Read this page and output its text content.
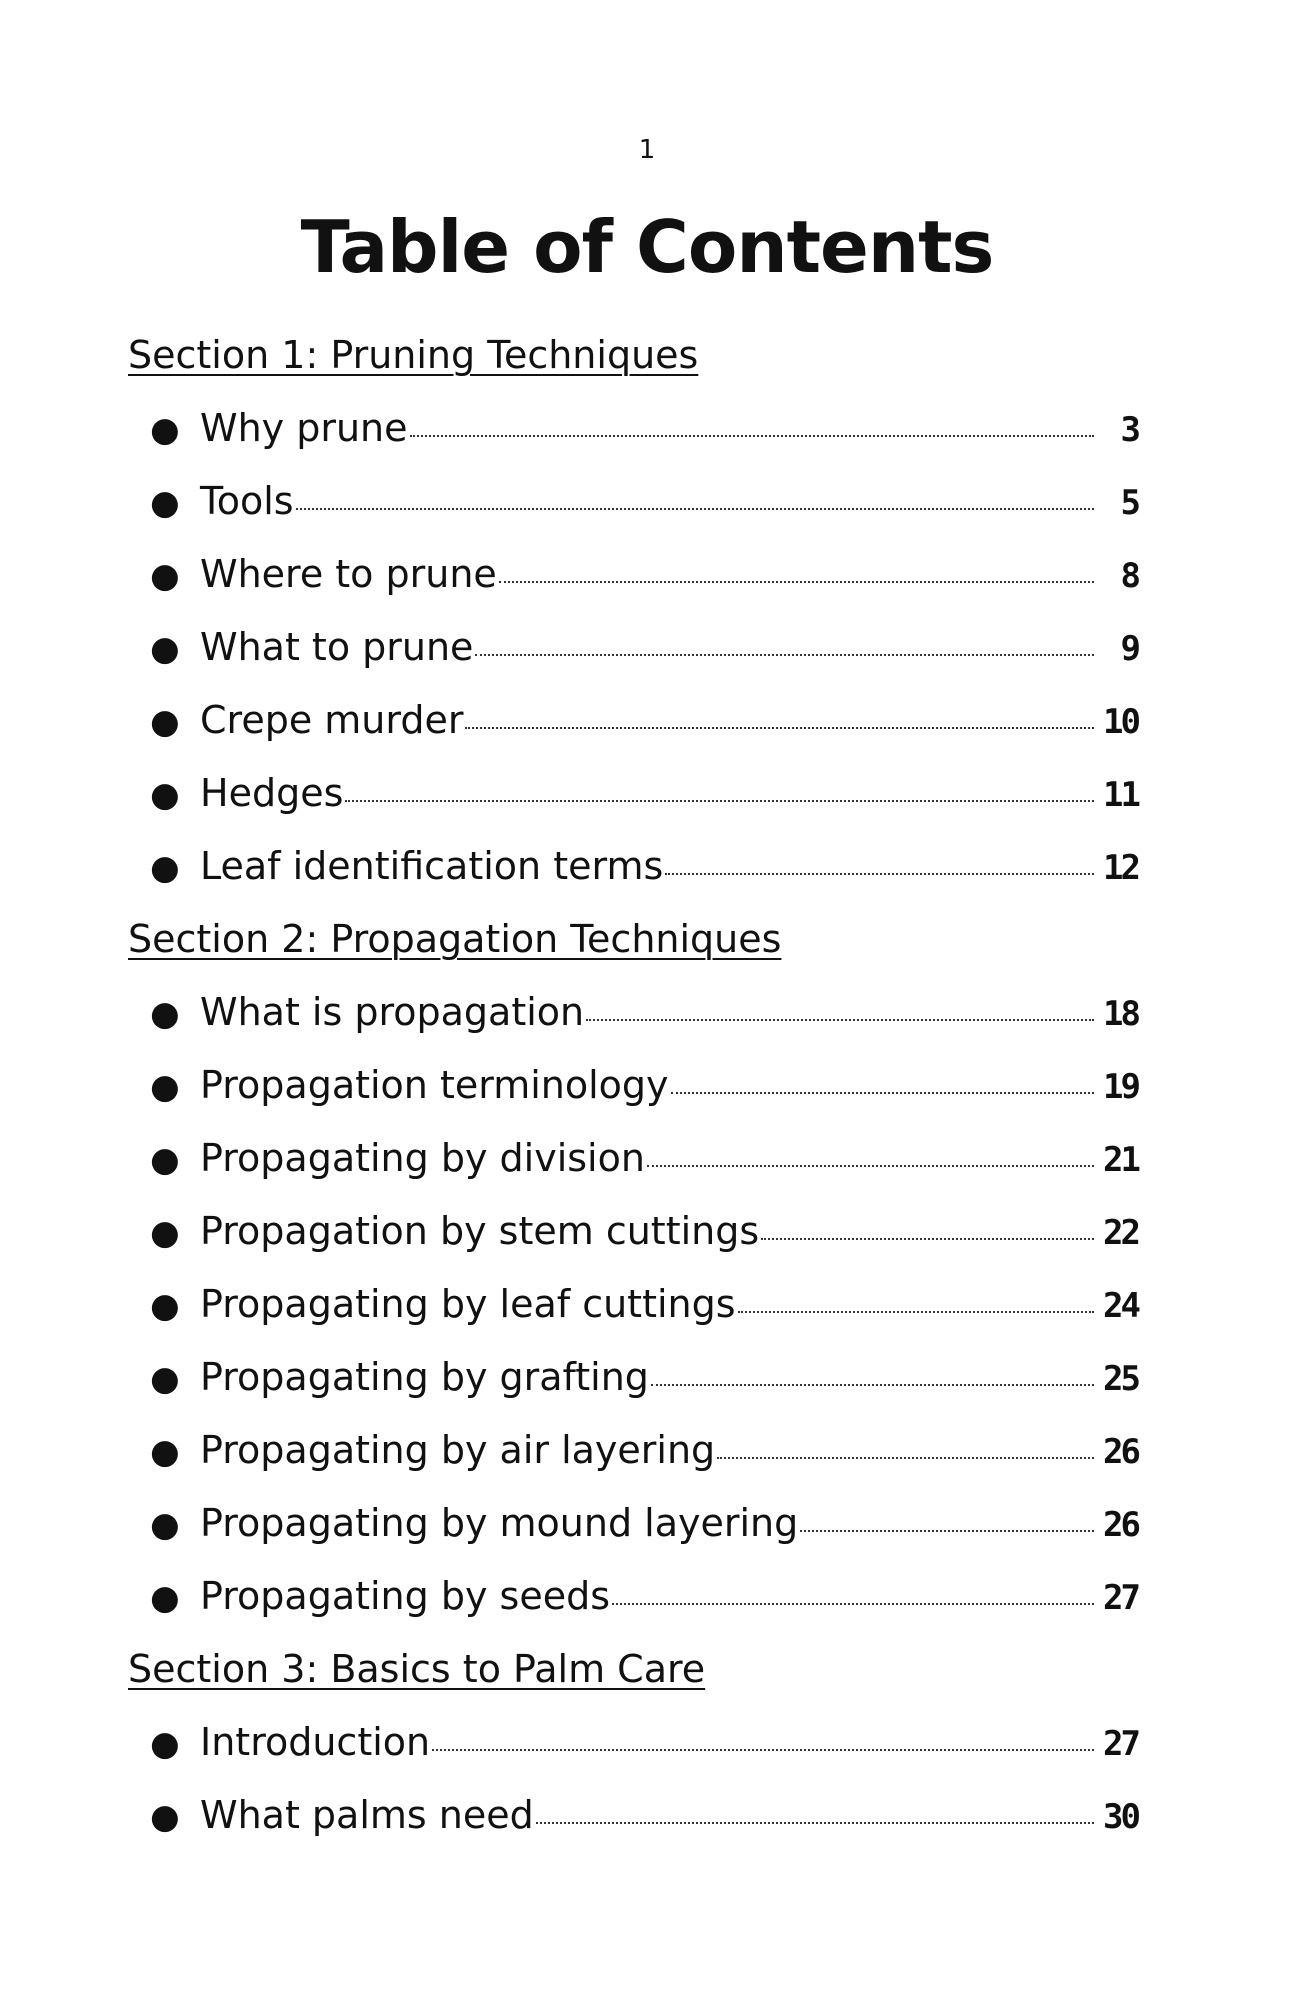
1
Table of Contents
Section 1: Pruning Techniques
● Why prune	3
● Tools	5
● Where to prune	8
● What to prune	9
● Crepe murder	10
● Hedges	11
● Leaf identification terms	12
Section 2: Propagation Techniques
● What is propagation	18
● Propagation terminology	19
● Propagating by division	21
● Propagation by stem cuttings	22
● Propagating by leaf cuttings	24
● Propagating by grafting	25
● Propagating by air layering	26
● Propagating by mound layering	26
● Propagating by seeds	27
Section 3: Basics to Palm Care
● Introduction	27
● What palms need	30
